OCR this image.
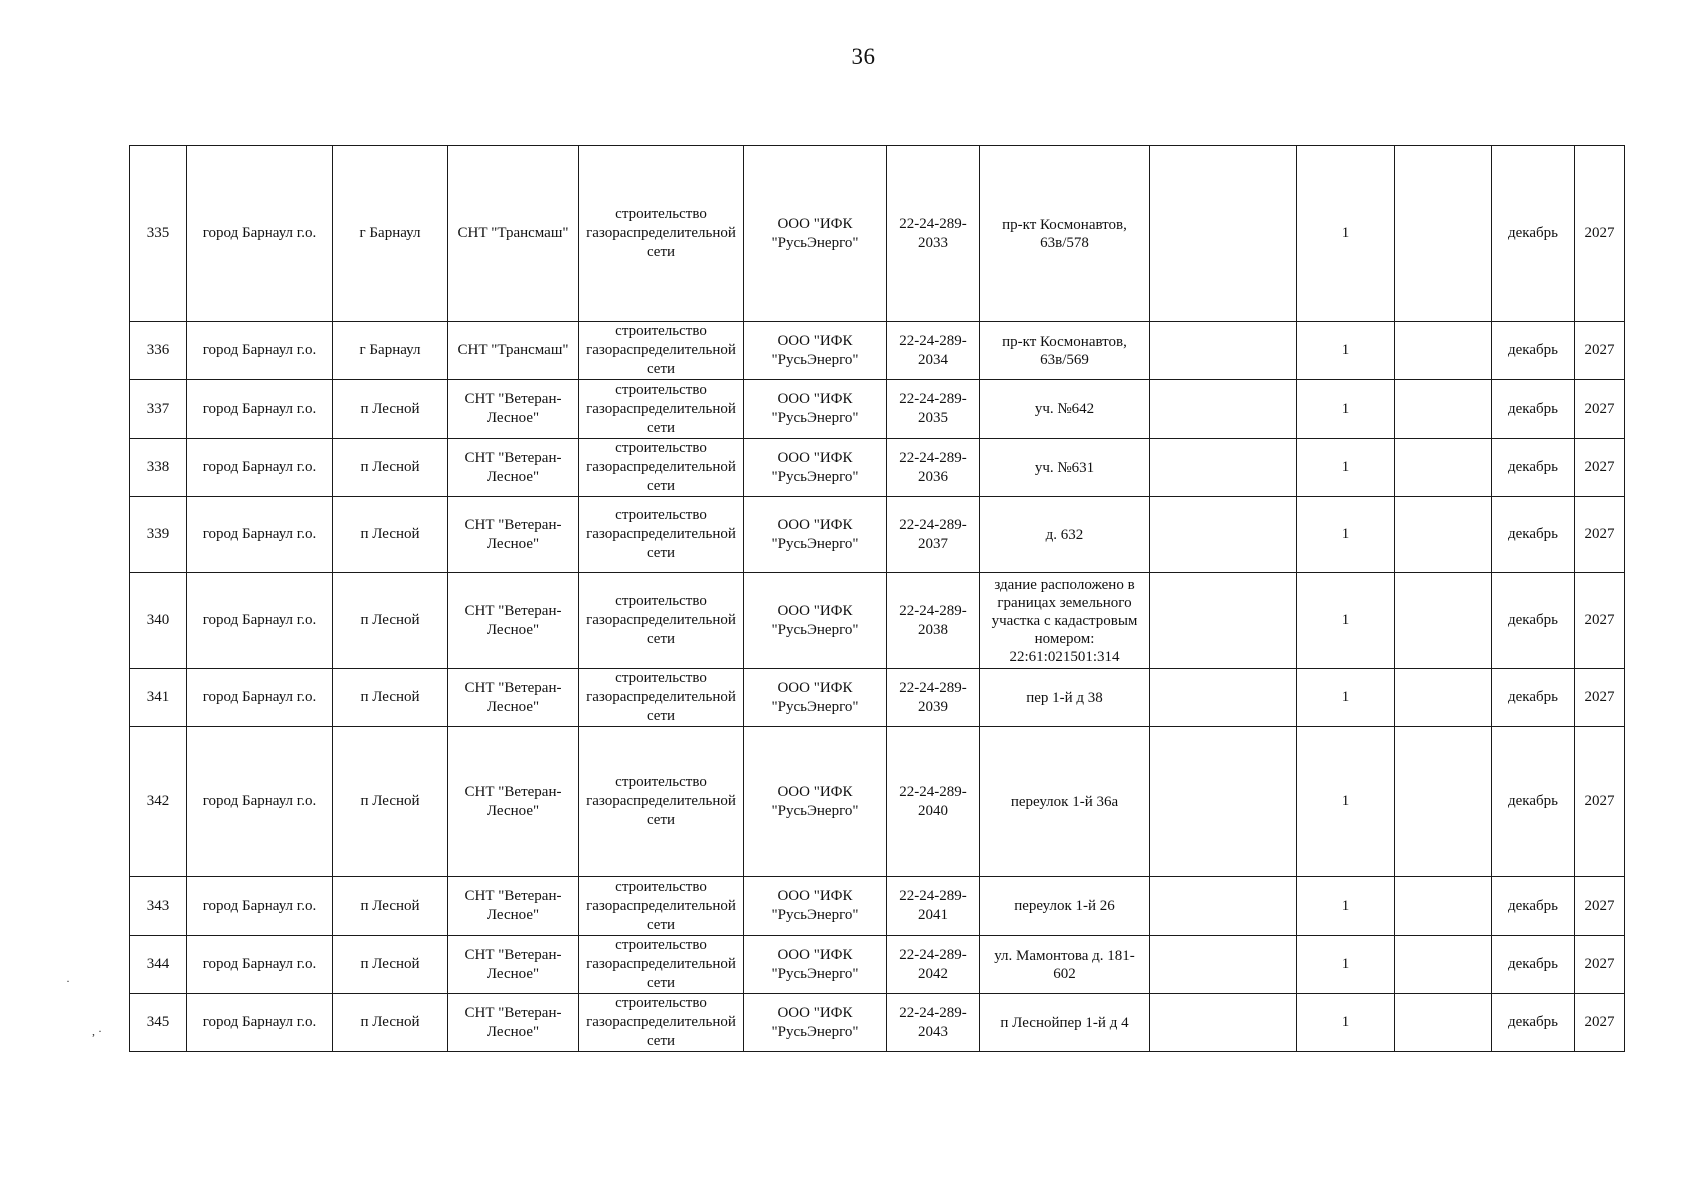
36
335	город Барнаул г.о.	г Барнаул	СНТ "Трансмаш"	строительство газораспределительной сети	ООО "ИФК "РусьЭнерго"	22-24-289-2033	пр-кт Космонавтов, 63в/578		1		декабрь	2027
336	город Барнаул г.о.	г Барнаул	СНТ "Трансмаш"	строительство газораспределительной сети	ООО "ИФК "РусьЭнерго"	22-24-289-2034	пр-кт Космонавтов, 63в/569		1		декабрь	2027
337	город Барнаул г.о.	п Лесной	СНТ "Ветеран-Лесное"	строительство газораспределительной сети	ООО "ИФК "РусьЭнерго"	22-24-289-2035	уч. №642		1		декабрь	2027
338	город Барнаул г.о.	п Лесной	СНТ "Ветеран-Лесное"	строительство газораспределительной сети	ООО "ИФК "РусьЭнерго"	22-24-289-2036	уч. №631		1		декабрь	2027
339	город Барнаул г.о.	п Лесной	СНТ "Ветеран-Лесное"	строительство газораспределительной сети	ООО "ИФК "РусьЭнерго"	22-24-289-2037	д. 632		1		декабрь	2027
340	город Барнаул г.о.	п Лесной	СНТ "Ветеран-Лесное"	строительство газораспределительной сети	ООО "ИФК "РусьЭнерго"	22-24-289-2038	здание расположено в границах земельного участка с кадастровым номером: 22:61:021501:314		1		декабрь	2027
341	город Барнаул г.о.	п Лесной	СНТ "Ветеран-Лесное"	строительство газораспределительной сети	ООО "ИФК "РусьЭнерго"	22-24-289-2039	пер 1-й д 38		1		декабрь	2027
342	город Барнаул г.о.	п Лесной	СНТ "Ветеран-Лесное"	строительство газораспределительной сети	ООО "ИФК "РусьЭнерго"	22-24-289-2040	переулок 1-й 36а		1		декабрь	2027
343	город Барнаул г.о.	п Лесной	СНТ "Ветеран-Лесное"	строительство газораспределительной сети	ООО "ИФК "РусьЭнерго"	22-24-289-2041	переулок 1-й 26		1		декабрь	2027
344	город Барнаул г.о.	п Лесной	СНТ "Ветеран-Лесное"	строительство газораспределительной сети	ООО "ИФК "РусьЭнерго"	22-24-289-2042	ул. Мамонтова д. 181-602		1		декабрь	2027
345	город Барнаул г.о.	п Лесной	СНТ "Ветеран-Лесное"	строительство газораспределительной сети	ООО "ИФК "РусьЭнерго"	22-24-289-2043	п Леснойпер 1-й д 4		1		декабрь	2027
·
, ·
